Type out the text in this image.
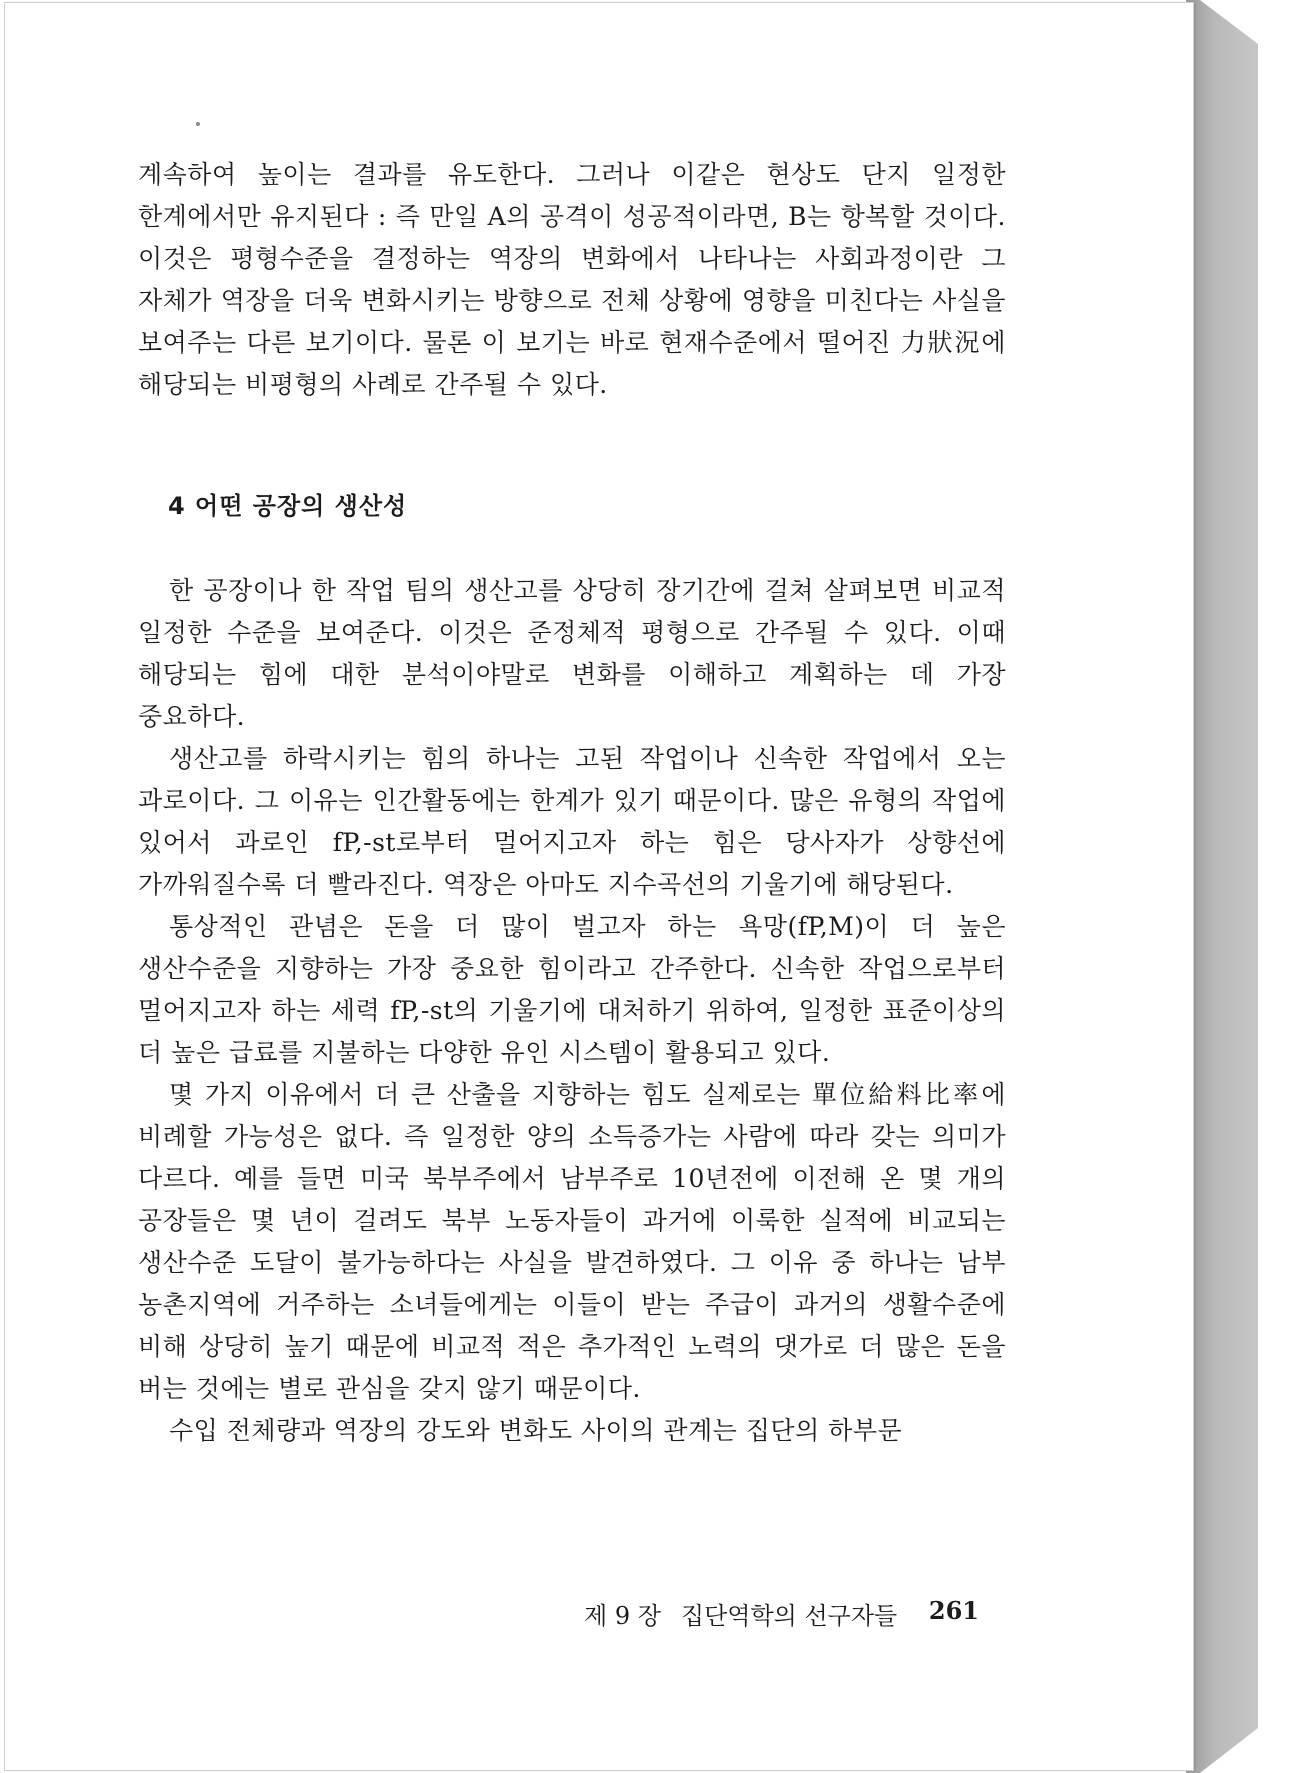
계속하여 높이는 결과를 유도한다. 그러나 이같은 현상도 단지 일정한 한계에서만 유지된다 : 즉 만일 A의 공격이 성공적이라면, B는 항복할 것이다. 이것은 평형수준을 결정하는 역장의 변화에서 나타나는 사회과정이란 그 자체가 역장을 더욱 변화시키는 방향으로 전체 상황에 영향을 미친다는 사실을 보여주는 다른 보기이다. 물론 이 보기는 바로 현재수준에서 떨어진 力狀況에 해당되는 비평형의 사례로 간주될 수 있다.

4 어떤 공장의 생산성

한 공장이나 한 작업 팀의 생산고를 상당히 장기간에 걸쳐 살펴보면 비교적 일정한 수준을 보여준다. 이것은 준정체적 평형으로 간주될 수 있다. 이때 해당되는 힘에 대한 분석이야말로 변화를 이해하고 계획하는 데 가장 중요하다.

생산고를 하락시키는 힘의 하나는 고된 작업이나 신속한 작업에서 오는 과로이다. 그 이유는 인간활동에는 한계가 있기 때문이다. 많은 유형의 작업에 있어서 과로인 fP,-st로부터 멀어지고자 하는 힘은 당사자가 상향선에 가까워질수록 더 빨라진다. 역장은 아마도 지수곡선의 기울기에 해당된다.

통상적인 관념은 돈을 더 많이 벌고자 하는 욕망(fP,M)이 더 높은 생산수준을 지향하는 가장 중요한 힘이라고 간주한다. 신속한 작업으로부터 멀어지고자 하는 세력 fP,-st의 기울기에 대처하기 위하여, 일정한 표준이상의 더 높은 급료를 지불하는 다양한 유인 시스템이 활용되고 있다.

몇 가지 이유에서 더 큰 산출을 지향하는 힘도 실제로는 單位給料比率에 비례할 가능성은 없다. 즉 일정한 양의 소득증가는 사람에 따라 갖는 의미가 다르다. 예를 들면 미국 북부주에서 남부주로 10년전에 이전해 온 몇 개의 공장들은 몇 년이 걸려도 북부 노동자들이 과거에 이룩한 실적에 비교되는 생산수준 도달이 불가능하다는 사실을 발견하였다. 그 이유 중 하나는 남부 농촌지역에 거주하는 소녀들에게는 이들이 받는 주급이 과거의 생활수준에 비해 상당히 높기 때문에 비교적 적은 추가적인 노력의 댓가로 더 많은 돈을 버는 것에는 별로 관심을 갖지 않기 때문이다.

수입 전체량과 역장의 강도와 변화도 사이의 관계는 집단의 하부문

제 9 장 집단역학의 선구자들 261
